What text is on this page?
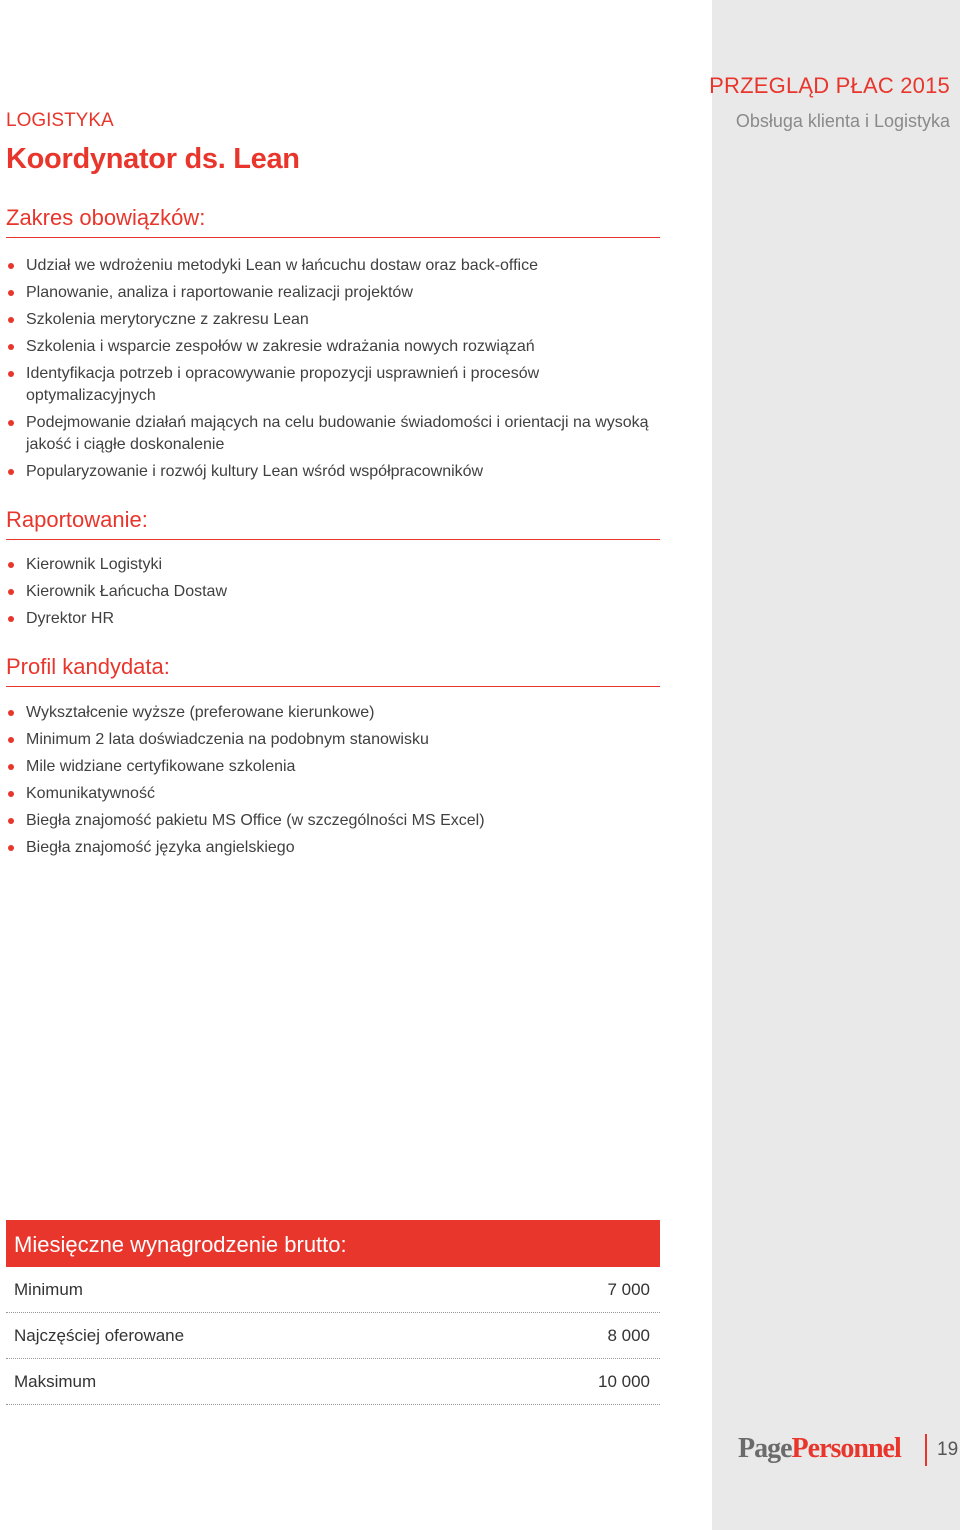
PRZEGLĄD PŁAC 2015
Obsługa klienta i Logistyka
LOGISTYKA
Koordynator ds. Lean
Zakres obowiązków:
Udział we wdrożeniu metodyki Lean w łańcuchu dostaw oraz back-office
Planowanie, analiza i raportowanie realizacji projektów
Szkolenia merytoryczne z zakresu Lean
Szkolenia i wsparcie zespołów w zakresie wdrażania nowych rozwiązań
Identyfikacja potrzeb i opracowywanie propozycji usprawnień i procesów optymalizacyjnych
Podejmowanie działań mających na celu budowanie świadomości i orientacji na wysoką jakość i ciągłe doskonalenie
Popularyzowanie i rozwój kultury Lean wśród współpracowników
Raportowanie:
Kierownik Logistyki
Kierownik Łańcucha Dostaw
Dyrektor HR
Profil kandydata:
Wykształcenie wyższe (preferowane kierunkowe)
Minimum 2 lata doświadczenia na podobnym stanowisku
Mile widziane certyfikowane szkolenia
Komunikatywność
Biegła znajomość pakietu MS Office (w szczególności MS Excel)
Biegła znajomość języka angielskiego
Miesięczne wynagrodzenie brutto:
Minimum	7 000
Najczęściej oferowane	8 000
Maksimum	10 000
PagePersonnel 19
